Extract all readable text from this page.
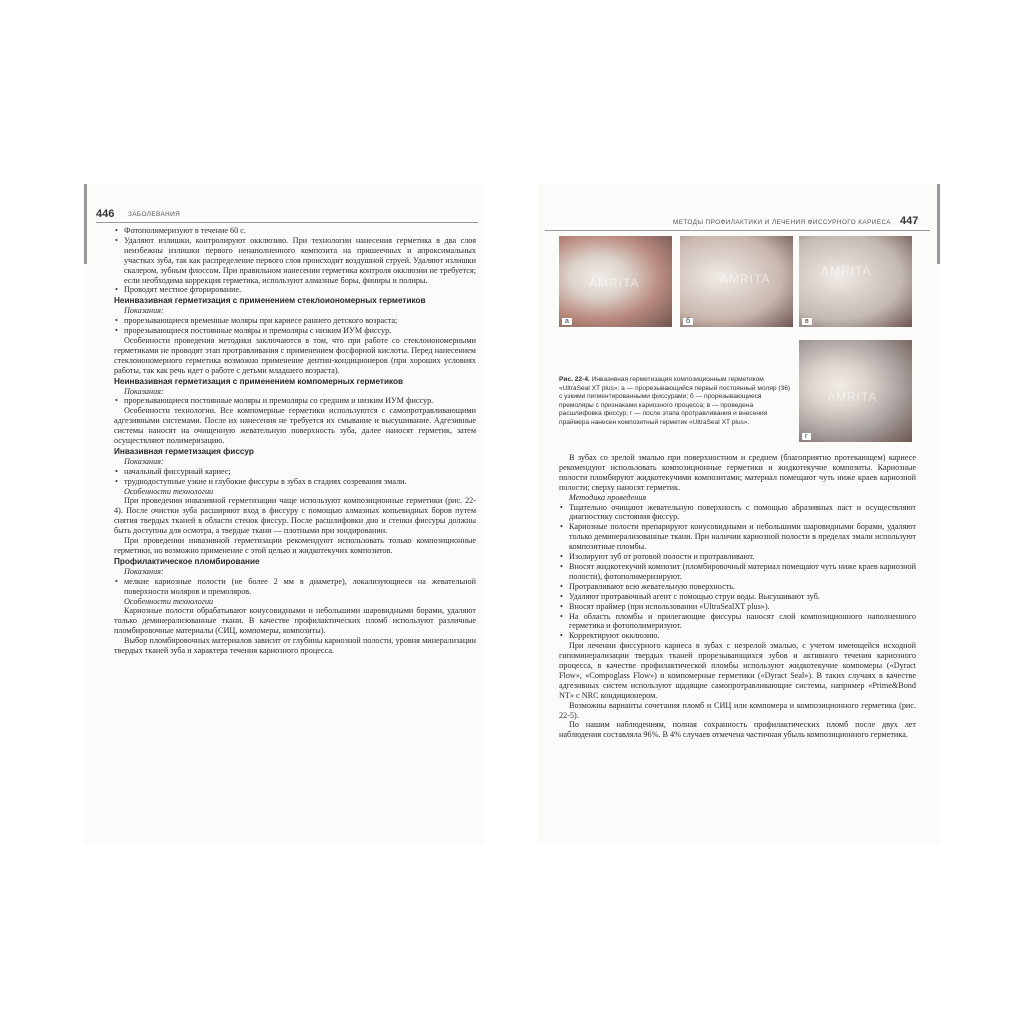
446 ЗАБОЛЕВАНИЯ
МЕТОДЫ ПРОФИЛАКТИКИ И ЛЕЧЕНИЯ ФИССУРНОГО КАРИЕСА 447
• Фотополимеризуют в течение 60 с.
• Удаляют излишки, контролируют окклюзию. При технологии нанесения герметика в два слоя неизбежны излишки первого ненаполненного композита на пришеечных и апроксимальных участках зуба, так как распределение первого слоя происходит воздушной струей. Удаляют излишки скалером, зубным флоссом. При правильном нанесении герметика контроля окклюзии не требуется; если необходима коррекция герметика, используют алмазные боры, финиры и полиры.
• Проводят местное фторирование.

Неинвазивная герметизация с применением стеклоиономерных герметиков

Показания:

• прорезывающиеся временные моляры при кариесе раннего детского возраста;
• прорезывающиеся постоянные моляры и премоляры с низким ИУМ фиссур.

Особенности проведения методики заключаются в том, что при работе со стеклоиономерными герметиками не проводят этап протравливания с применением фосфорной кислоты. Перед нанесением стеклоиономерного герметика возможно применение дентин-кондиционеров (при хороших условиях работы, так как речь идет о работе с детьми младшего возраста).

Неинвазивная герметизация с применением компомерных герметиков

Показания:

• прорезывающиеся постоянные моляры и премоляры со средним и низким ИУМ фиссур.

Особенности технологии. Все компомерные герметики используются с самопротравливающими адгезивными системами. После их нанесения не требуется их смывание и высушивание. Адгезивные системы наносят на очищенную жевательную поверхность зуба, далее наносят герметик, затем осуществляют полимеризацию.

Инвазивная герметизация фиссур

Показания:

• начальный фиссурный кариес;
• труднодоступные узкие и глубокие фиссуры в зубах в стадиях созревания эмали.

Особенности технологии

При проведении инвазивной герметизации чаще используют композиционные герметики (рис. 22-4). После очистки зуба расширяют вход в фиссуру с помощью алмазных копьевидных боров путем снятия твердых тканей в области стенок фиссур. После расшлифовки дно и стенки фиссуры должны быть доступны для осмотра, а твердые ткани — плотными при зондировании.

При проведении инвазивной герметизации рекомендуют использовать только композиционные герметики, но возможно применение с этой целью и жидкотекучих композитов.

Профилактическое пломбирование

Показания:

• мелкие кариозные полости (не более 2 мм в диаметре), локализующиеся на жевательной поверхности моляров и премоляров.

Особенности технологии

Кариозные полости обрабатывают конусовидными и небольшими шаровидными борами, удаляют только деминерализованные ткани. В качестве профилактических пломб используют различные пломбировочные материалы (СИЦ, компомеры, композиты).

Выбор пломбировочных материалов зависит от глубины кариозной полости, уровня минерализации твердых тканей зуба и характера течения кариозного процесса.

AMRITA
а
AMRITA
б
AMRITA
в
AMRITA
г
Рис. 22-4. Инвазивная герметизация композиционным герметиком «UltraSeal XT plus»: а — прорезывающийся первый постоянный моляр (36) с узкими пигментированными фиссурами; б — прорезывающиеся премоляры с признаками кариозного процесса; в — проведена расшлифовка фиссур; г — после этапа протравливания и внесения праймера нанесен композитный герметик «UltraSeal XT plus».

В зубах со зрелой эмалью при поверхностном и среднем (благоприятно протекающем) кариесе рекомендуют использовать композиционные герметики и жидкотекучие композиты. Кариозные полости пломбируют жидкотекучими композитами; материал помещают чуть ниже краев кариозной полости; сверху наносят герметик.

Методика проведения

• Тщательно очищают жевательную поверхность с помощью абразивных паст и осуществляют диагностику состояния фиссур.
• Кариозные полости препарируют конусовидными и небольшими шаровидными борами, удаляют только деминерализованные ткани. При наличии кариозной полости в пределах эмали используют композитные пломбы.
• Изолируют зуб от ротовой полости и протравливают.
• Вносят жидкотекучий композит (пломбировочный материал помещают чуть ниже краев кариозной полости), фотополимеризируют.
• Протравливают всю жевательную поверхность.
• Удаляют протравочный агент с помощью струи воды. Высушивают зуб.
• Вносят праймер (при использовании «UltraSealXT plus»).
• На область пломбы и прилегающие фиссуры наносят слой композиционного наполненного герметика и фотополимеризуют.
• Корректируют окклюзию.

При лечении фиссурного кариеса в зубах с незрелой эмалью, с учетом имеющейся исходной гипоминерализации твердых тканей прорезывающихся зубов и активного течения кариозного процесса, в качестве профилактической пломбы используют жидкотекучие компомеры («Dyract Flow», «Compoglass Flow») и компомерные герметики («Dyract Seal»). В таких случаях в качестве адгезивных систем используют щадящие самопротравливающие системы, например «Prime&Bond NT» с NRC кондиционером.

Возможны варианты сочетания пломб и СИЦ или компомера и композиционного герметика (рис. 22-5).

По нашим наблюдениям, полная сохранность профилактических пломб после двух лет наблюдения составляла 96%. В 4% случаев отмечена частичная убыль композиционного герметика.
